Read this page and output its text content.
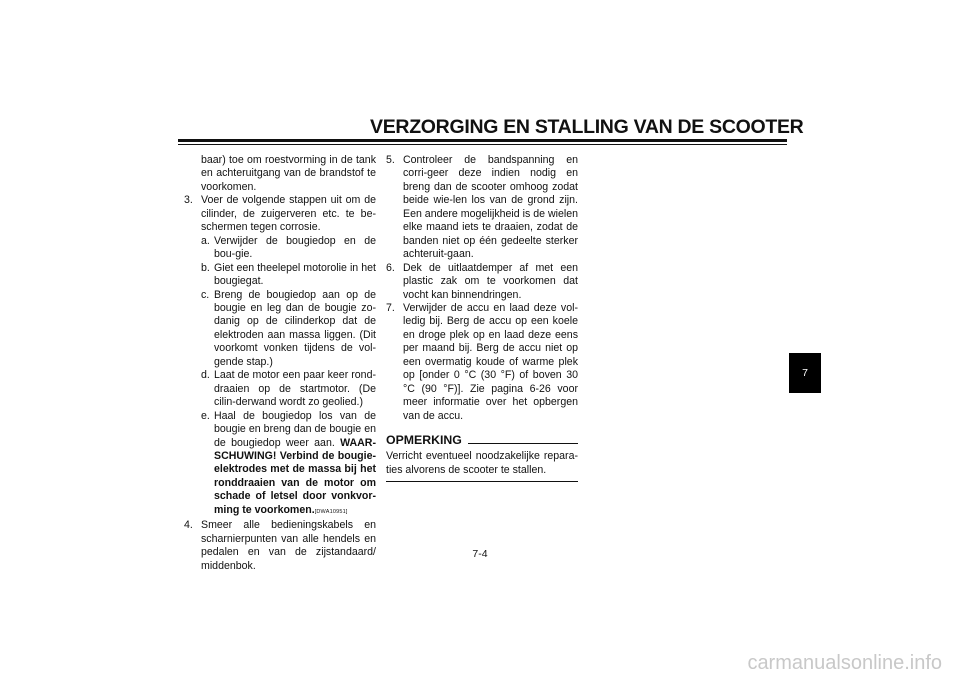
VERZORGING EN STALLING VAN DE SCOOTER

baar) toe om roestvorming in de tank en achteruitgang van de brandstof te voorkomen.

3. Voer de volgende stappen uit om de cilinder, de zuigerveren etc. te be-schermen tegen corrosie.
a. Verwijder de bougiedop en de bou-gie.
b. Giet een theelepel motorolie in het bougiegat.
c. Breng de bougiedop aan op de bougie en leg dan de bougie zo-danig op de cilinderkop dat de elektroden aan massa liggen. (Dit voorkomt vonken tijdens de vol-gende stap.)
d. Laat de motor een paar keer rond-draaien op de startmotor. (De cilin-derwand wordt zo geolied.)
e. Haal de bougiedop los van de bougie en breng dan de bougie en de bougiedop weer aan. WAAR-SCHUWING! Verbind de bougie-elektrodes met de massa bij het ronddraaien van de motor om schade of letsel door vonkvor-ming te voorkomen.[DWA10951]
4. Smeer alle bedieningskabels en scharnierpunten van alle hendels en pedalen en van de zijstandaard/ middenbok.
5. Controleer de bandspanning en corri-geer deze indien nodig en breng dan de scooter omhoog zodat beide wie-len los van de grond zijn. Een andere mogelijkheid is de wielen elke maand iets te draaien, zodat de banden niet op één gedeelte sterker achteruit-gaan.
6. Dek de uitlaatdemper af met een plastic zak om te voorkomen dat vocht kan binnendringen.
7. Verwijder de accu en laad deze vol-ledig bij. Berg de accu op een koele en droge plek op en laad deze eens per maand bij. Berg de accu niet op een overmatig koude of warme plek op [onder 0 °C (30 °F) of boven 30 °C (90 °F)]. Zie pagina 6-26 voor meer informatie over het opbergen van de accu.
OPMERKING

Verricht eventueel noodzakelijke repara-ties alvorens de scooter te stallen.

7-4
7
carmanualsonline.info
